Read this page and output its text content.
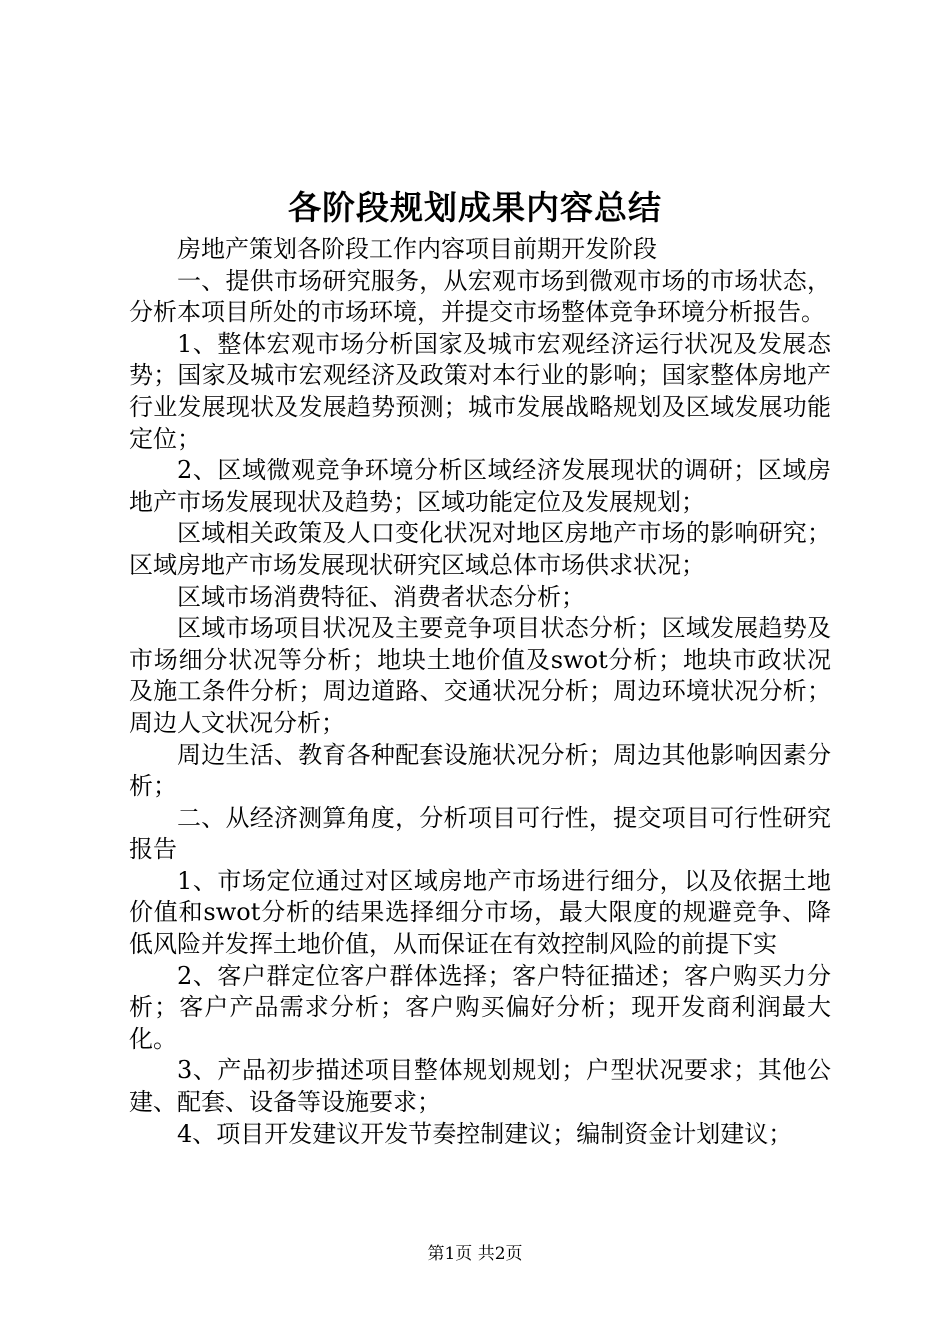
各阶段规划成果内容总结

房地产策划各阶段工作内容项目前期开发阶段

一、提供市场研究服务，从宏观市场到微观市场的市场状态，分析本项目所处的市场环境，并提交市场整体竞争环境分析报告。

1、整体宏观市场分析国家及城市宏观经济运行状况及发展态势；国家及城市宏观经济及政策对本行业的影响；国家整体房地产行业发展现状及发展趋势预测；城市发展战略规划及区域发展功能定位；

2、区域微观竞争环境分析区域经济发展现状的调研；区域房地产市场发展现状及趋势；区域功能定位及发展规划；

区域相关政策及人口变化状况对地区房地产市场的影响研究；区域房地产市场发展现状研究区域总体市场供求状况；

区域市场消费特征、消费者状态分析；

区域市场项目状况及主要竞争项目状态分析；区域发展趋势及市场细分状况等分析；地块土地价值及swot分析；地块市政状况及施工条件分析；周边道路、交通状况分析；周边环境状况分析；周边人文状况分析；

周边生活、教育各种配套设施状况分析；周边其他影响因素分析；

二、从经济测算角度，分析项目可行性，提交项目可行性研究报告

1、市场定位通过对区域房地产市场进行细分，以及依据土地价值和swot分析的结果选择细分市场，最大限度的规避竞争、降低风险并发挥土地价值，从而保证在有效控制风险的前提下实

2、客户群定位客户群体选择；客户特征描述；客户购买力分析；客户产品需求分析；客户购买偏好分析；现开发商利润最大化。

3、产品初步描述项目整体规划规划；户型状况要求；其他公建、配套、设备等设施要求；

4、项目开发建议开发节奏控制建议；编制资金计划建议；

第1页 共2页
